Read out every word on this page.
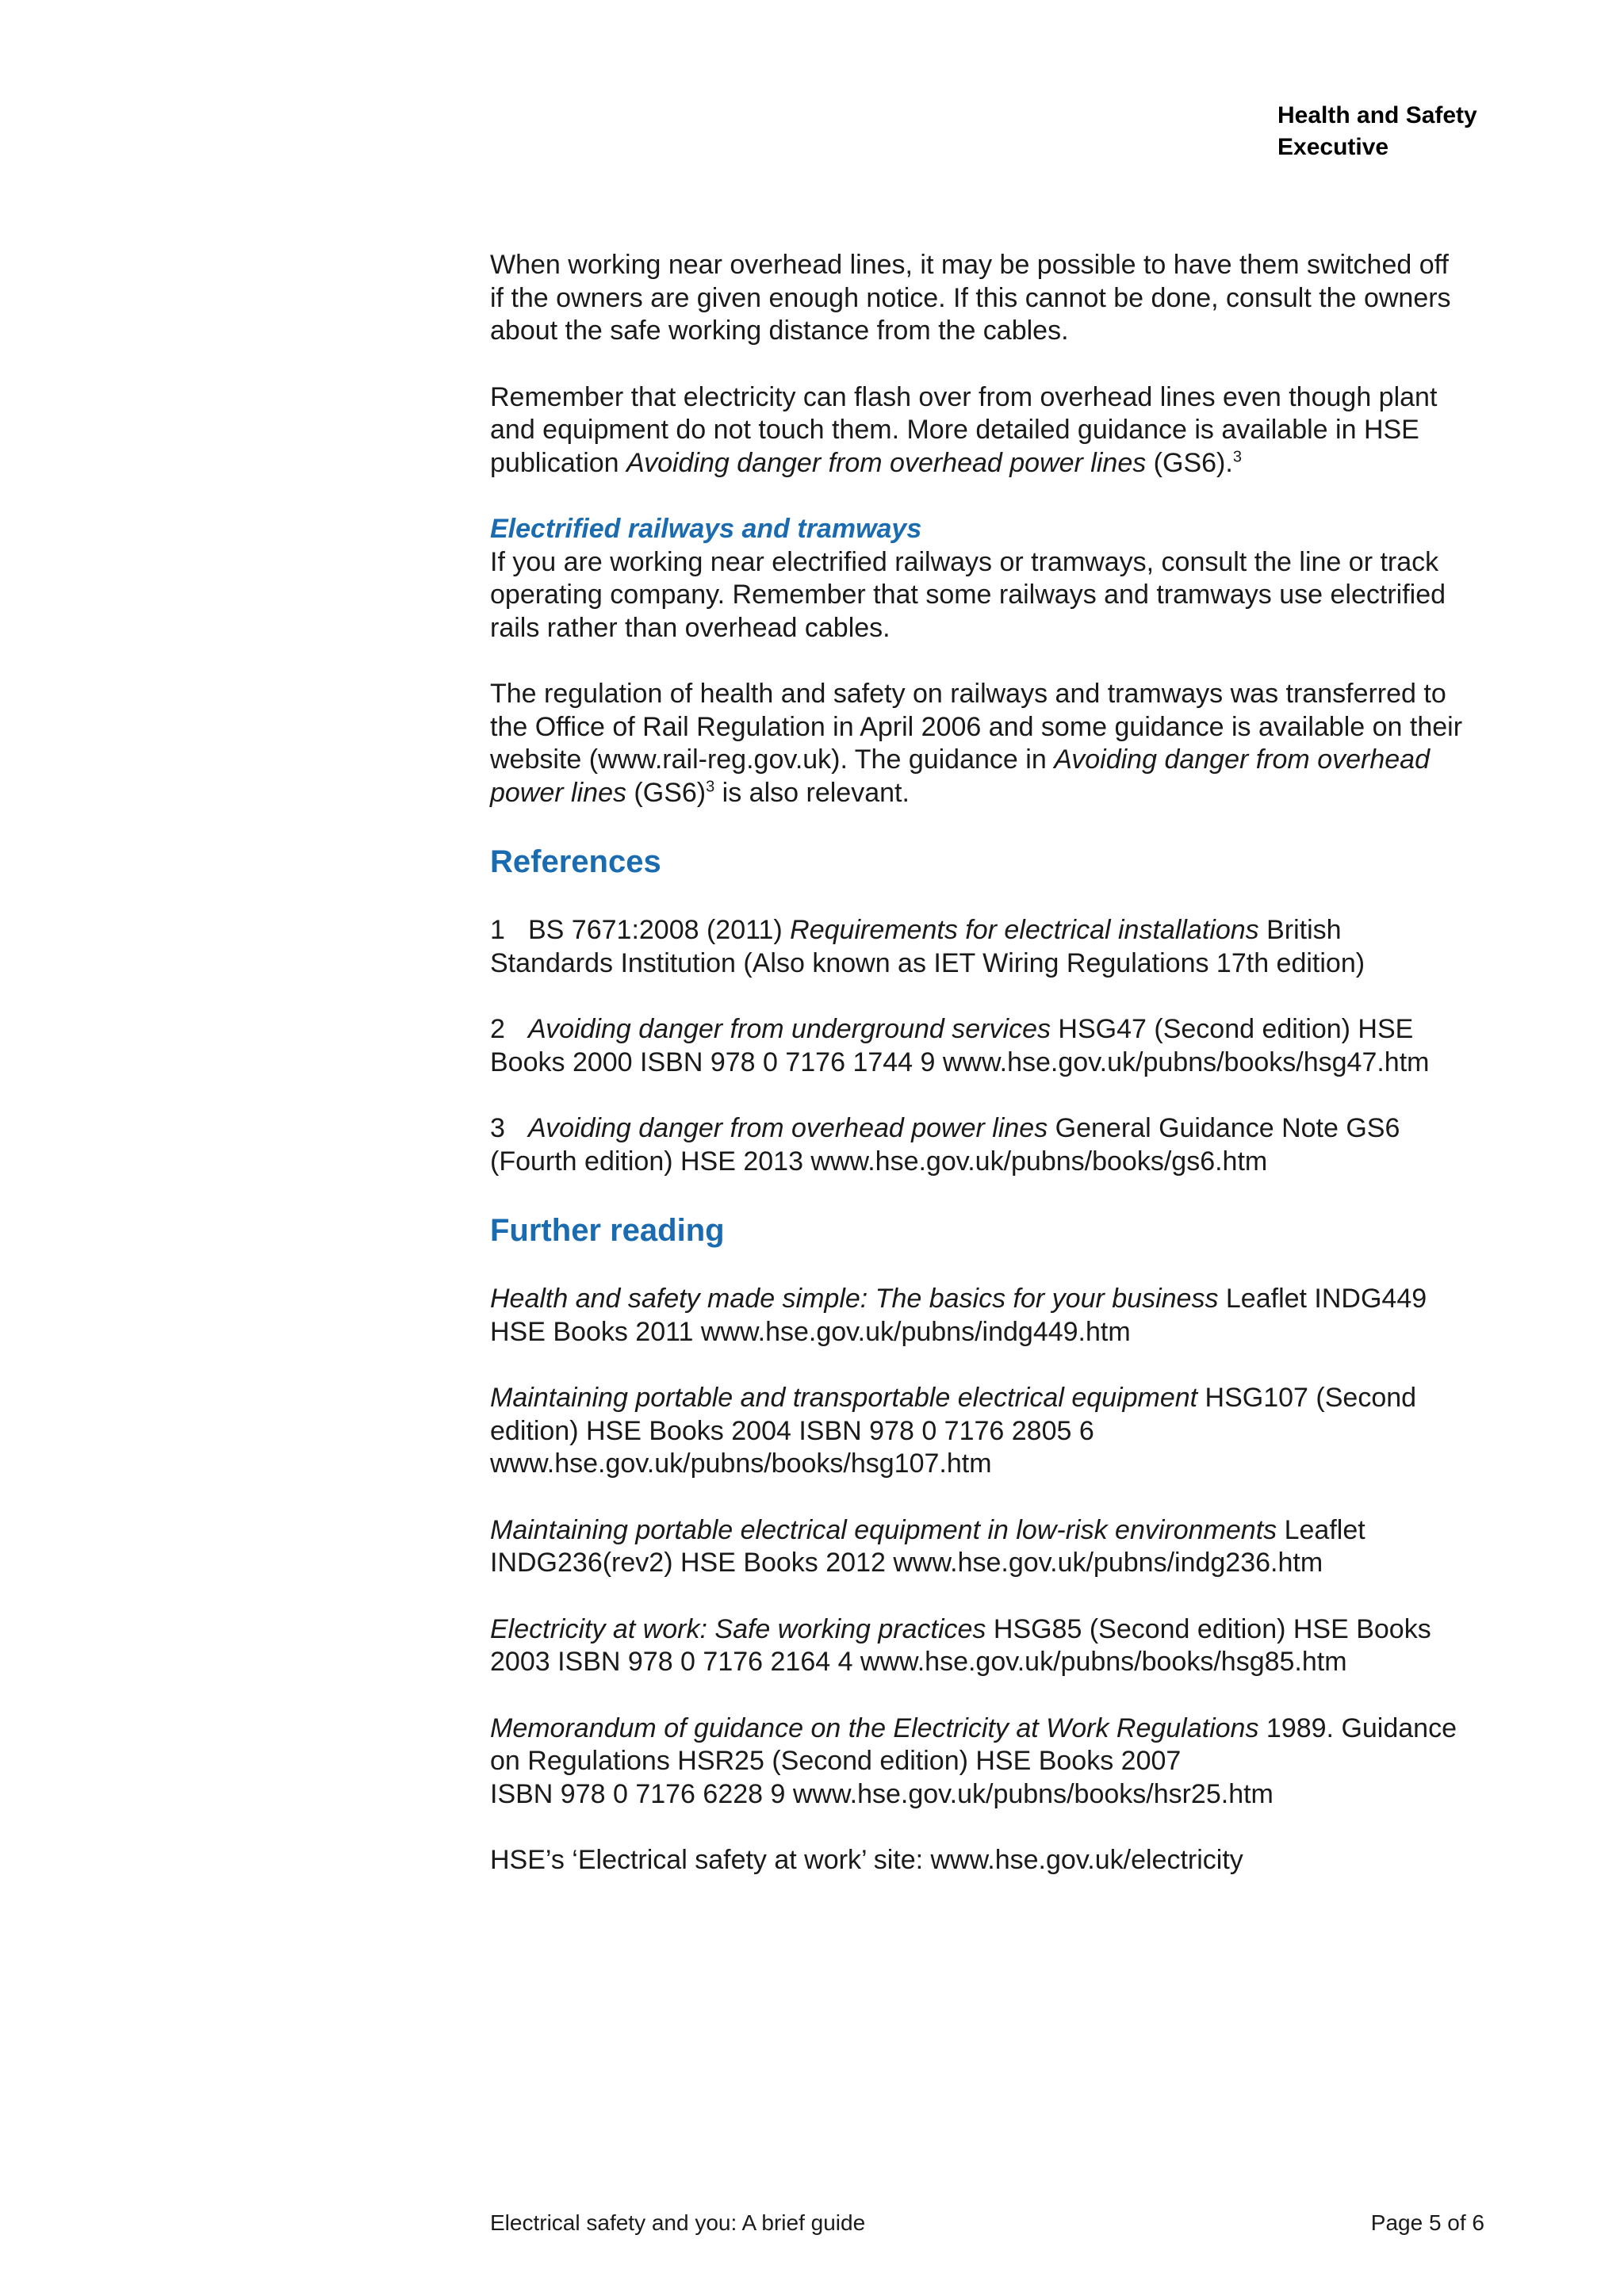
Health and Safety
Executive

When working near overhead lines, it may be possible to have them switched off
if the owners are given enough notice. If this cannot be done, consult the owners
about the safe working distance from the cables.

Remember that electricity can flash over from overhead lines even though plant
and equipment do not touch them. More detailed guidance is available in HSE
publication Avoiding danger from overhead power lines (GS6).$^3$

Electrified railways and tramways

If you are working near electrified railways or tramways, consult the line or track
operating company. Remember that some railways and tramways use electrified
rails rather than overhead cables.

The regulation of health and safety on railways and tramways was transferred to
the Office of Rail Regulation in April 2006 and some guidance is available on their
website (www.rail-reg.gov.uk). The guidance in Avoiding danger from overhead
power lines $(GS6)^3$ is also relevant.

References

1 BS 7671:2008 (2011) Requirements for electrical installations British
Standards Institution (Also known as IET Wiring Regulations 17th edition)

2 Avoiding danger from underground services HSG47 (Second edition) HSE
Books 2000 ISBN 978 0 7176 1744 9 www.hse.gov.uk/pubns/books/hsg47.htm

3 Avoiding danger from overhead power lines General Guidance Note GS6
(Fourth edition) HSE 2013 www.hse.gov.uk/pubns/books/gs6.htm

Further reading

Health and safety made simple: The basics for your business Leaflet INDG449
HSE Books 2011 www.hse.gov.uk/pubns/indg449.htm

Maintaining portable and transportable electrical equipment HSG107 (Second
edition) HSE Books 2004 ISBN 978 0 7176 2805 6
www.hse.gov.uk/pubns/books/hsg107.htm

Maintaining portable electrical equipment in low-risk environments Leaflet
INDG236(rev2) HSE Books 2012 www.hse.gov.uk/pubns/indg236.htm

Electricity at work: Safe working practices HSG85 (Second edition) HSE Books
2003 ISBN 978 0 7176 2164 4 www.hse.gov.uk/pubns/books/hsg85.htm

Memorandum of guidance on the Electricity at Work Regulations 1989. Guidance
on Regulations HSR25 (Second edition) HSE Books 2007
ISBN 978 0 7176 6228 9 www.hse.gov.uk/pubns/books/hsr25.htm

HSE’s ‘Electrical safety at work’ site: www.hse.gov.uk/electricity

Electrical safety and you: A brief guide	Page 5 of 6
